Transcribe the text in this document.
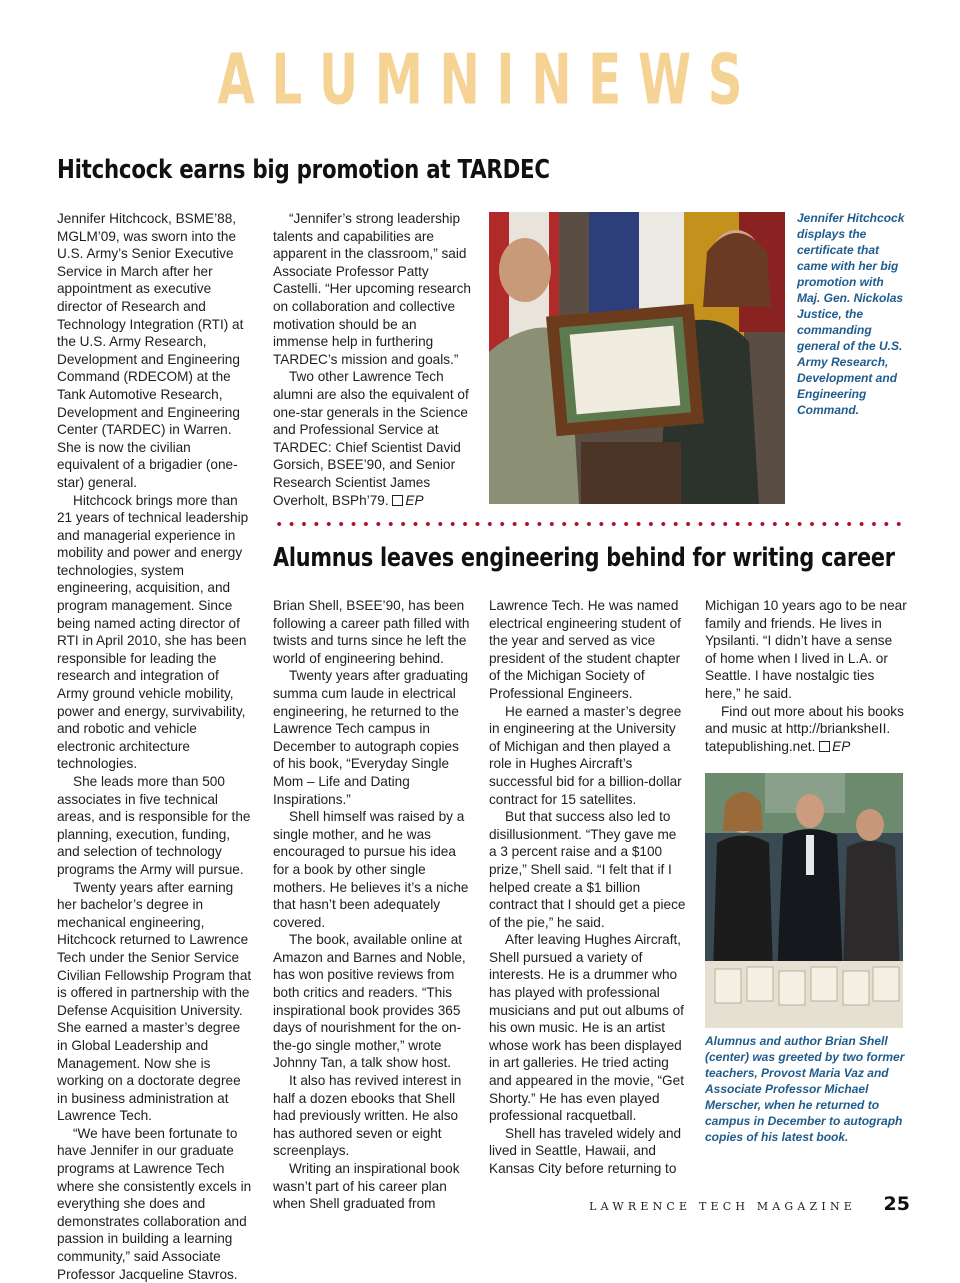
A L U M N I N E W S
Hitchcock earns big promotion at TARDEC

Jennifer Hitchcock, BSME’88, MGLM’09, was sworn into the U.S. Army’s Senior Executive Service in March after her appointment as executive director of Research and Technology Integration (RTI) at the U.S. Army Research, Development and Engineering Command (RDECOM) at the Tank Automotive Research, Development and Engineering Center (TARDEC) in Warren. She is now the civilian equivalent of a brigadier (one-star) general.

Hitchcock brings more than 21 years of technical leadership and managerial experience in mobility and power and energy technologies, system engineering, acquisition, and program management. Since being named acting director of RTI in April 2010, she has been responsible for leading the research and integration of Army ground vehicle mobility, power and energy, survivability, and robotic and vehicle electronic architecture technologies.

She leads more than 500 associates in five technical areas, and is responsible for the planning, execution, funding, and selection of technology programs the Army will pursue.

Twenty years after earning her bachelor’s degree in mechanical engineering, Hitchcock returned to Lawrence Tech under the Senior Service Civilian Fellowship Program that is offered in partnership with the Defense Acquisition University. She earned a master’s degree in Global Leadership and Management. Now she is working on a doctorate degree in business administration at Lawrence Tech.

“We have been fortunate to have Jennifer in our graduate programs at Lawrence Tech where she consistently excels in everything she does and demonstrates collaboration and passion in building a learning community,” said Associate Professor Jacqueline Stavros.

“Jennifer’s strong leadership talents and capabilities are apparent in the classroom,” said Associate Professor Patty Castelli. “Her upcoming research on collaboration and collective motivation should be an immense help in furthering TARDEC’s mission and goals.”

Two other Lawrence Tech alumni are also the equivalent of one-star generals in the Science and Professional Service at TARDEC: Chief Scientist David Gorsich, BSEE’90, and Senior Research Scientist James Overholt, BSPh’79. EP

Jennifer Hitchcock displays the certificate that came with her big promotion with Maj. Gen. Nickolas Justice, the commanding general of the U.S. Army Research, Development and Engineering Command.
Alumnus leaves engineering behind for writing career

Brian Shell, BSEE’90, has been following a career path filled with twists and turns since he left the world of engineering behind.

Twenty years after graduating summa cum laude in electrical engineering, he returned to the Lawrence Tech campus in December to autograph copies of his book, “Everyday Single Mom – Life and Dating Inspirations.”

Shell himself was raised by a single mother, and he was encouraged to pursue his idea for a book by other single mothers. He believes it’s a niche that hasn’t been adequately covered.

The book, available online at Amazon and Barnes and Noble, has won positive reviews from both critics and readers. “This inspirational book provides 365 days of nourishment for the on-the-go single mother,” wrote Johnny Tan, a talk show host.

It also has revived interest in half a dozen ebooks that Shell had previously written. He also has authored seven or eight screenplays.

Writing an inspirational book wasn’t part of his career plan when Shell graduated from

Lawrence Tech. He was named electrical engineering student of the year and served as vice president of the student chapter of the Michigan Society of Professional Engineers.

He earned a master’s degree in engineering at the University of Michigan and then played a role in Hughes Aircraft’s successful bid for a billion-dollar contract for 15 satellites.

But that success also led to disillusionment. “They gave me a 3 percent raise and a $100 prize,” Shell said. “I felt that if I helped create a $1 billion contract that I should get a piece of the pie,” he said.

After leaving Hughes Aircraft, Shell pursued a variety of interests. He is a drummer who has played with professional musicians and put out albums of his own music. He is an artist whose work has been displayed in art galleries. He tried acting and appeared in the movie, “Get Shorty.” He has even played professional racquetball.

Shell has traveled widely and lived in Seattle, Hawaii, and Kansas City before returning to

Michigan 10 years ago to be near family and friends. He lives in Ypsilanti. “I didn’t have a sense of home when I lived in L.A. or Seattle. I have nostalgic ties here,” he said.

Find out more about his books and music at http://brianksheII. tatepublishing.net. EP

Alumnus and author Brian Shell (center) was greeted by two former teachers, Provost Maria Vaz and Associate Professor Michael Merscher, when he returned to campus in December to autograph copies of his latest book.
LAWRENCE TECH MAGAZINE 25
